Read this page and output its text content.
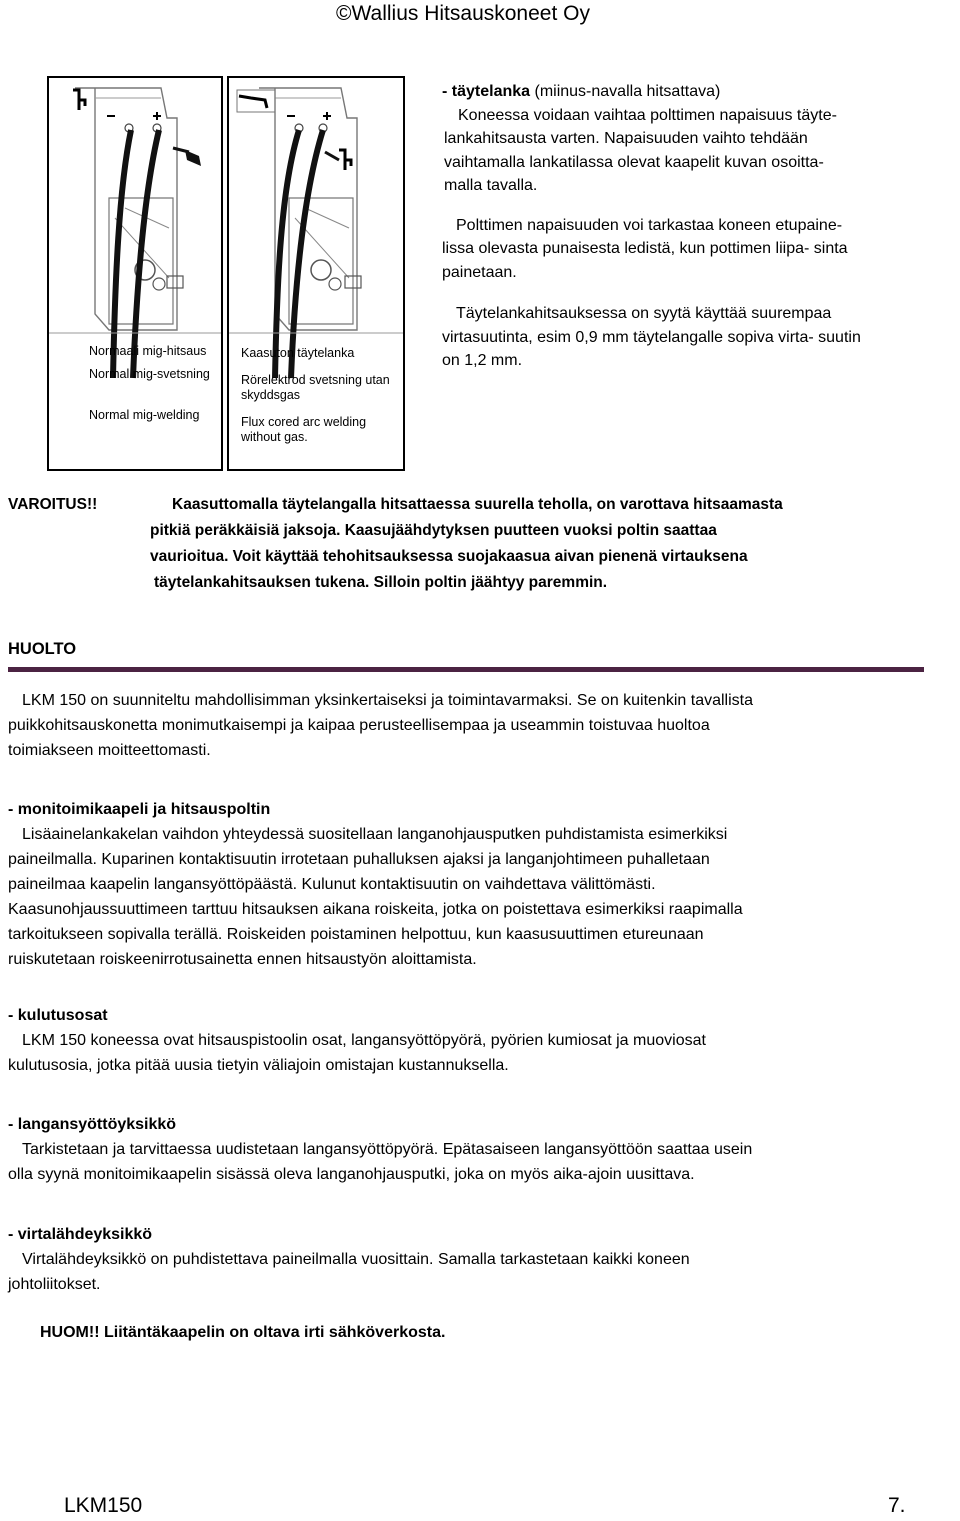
©Wallius Hitsauskoneet Oy
Normaali mig-hitsaus
Normal mig-svetsning
Normal mig-welding
Kaasuton täytelanka
Rörelektrod svetsning utan
skyddsgas
Flux cored arc welding
without gas.
- täytelanka (miinus-navalla hitsattava)
Koneessa voidaan vaihtaa polttimen napaisuus täyte-
lankahitsausta varten. Napaisuuden vaihto tehdään
vaihtamalla lankatilassa olevat kaapelit kuvan osoitta-
malla tavalla.
Polttimen napaisuuden voi tarkastaa koneen etupaine-
lissa olevasta punaisesta ledistä, kun pottimen liipa- sinta
painetaan.
Täytelankahitsauksessa on syytä käyttää suurempaa
virtasuutinta, esim 0,9 mm täytelangalle sopiva virta- suutin
on 1,2 mm.
VAROITUS!!	Kaasuttomalla täytelangalla hitsattaessa suurella teholla, on varottava hitsaamasta
pitkiä peräkkäisiä jaksoja. Kaasujäähdytyksen puutteen vuoksi poltin saattaa
vaurioitua. Voit käyttää tehohitsauksessa suojakaasua aivan pienenä virtauksena
täytelankahitsauksen tukena. Silloin poltin jäähtyy paremmin.
HUOLTO
LKM 150 on suunniteltu mahdollisimman yksinkertaiseksi ja toimintavarmaksi. Se on kuitenkin tavallista
puikkohitsauskonetta monimutkaisempi ja kaipaa perusteellisempaa ja useammin toistuvaa huoltoa
toimiakseen moitteettomasti.
- monitoimikaapeli ja hitsauspoltin
Lisäainelankakelan vaihdon yhteydessä suositellaan langanohjausputken puhdistamista esimerkiksi
paineilmalla. Kuparinen kontaktisuutin irrotetaan puhalluksen ajaksi ja langanjohtimeen puhalletaan
paineilmaa kaapelin langansyöttöpäästä. Kulunut kontaktisuutin on vaihdettava välittömästi.
Kaasunohjaussuuttimeen tarttuu hitsauksen aikana roiskeita, jotka on poistettava esimerkiksi raapimalla
tarkoitukseen sopivalla terällä. Roiskeiden poistaminen helpottuu, kun kaasusuuttimen etureunaan
ruiskutetaan roiskeenirrotusainetta ennen hitsaustyön aloittamista.
- kulutusosat
LKM 150 koneessa ovat hitsauspistoolin osat, langansyöttöpyörä, pyörien kumiosat ja muoviosat
kulutusosia, jotka pitää uusia tietyin väliajoin omistajan kustannuksella.
- langansyöttöyksikkö
Tarkistetaan ja tarvittaessa uudistetaan langansyöttöpyörä. Epätasaiseen langansyöttöön saattaa usein
olla syynä monitoimikaapelin sisässä oleva langanohjausputki, joka on myös aika-ajoin uusittava.
- virtalähdeyksikkö
Virtalähdeyksikkö on puhdistettava paineilmalla vuosittain. Samalla tarkastetaan kaikki koneen
johtoliitokset.
HUOM!! Liitäntäkaapelin on oltava irti sähköverkosta.
LKM150	7.
